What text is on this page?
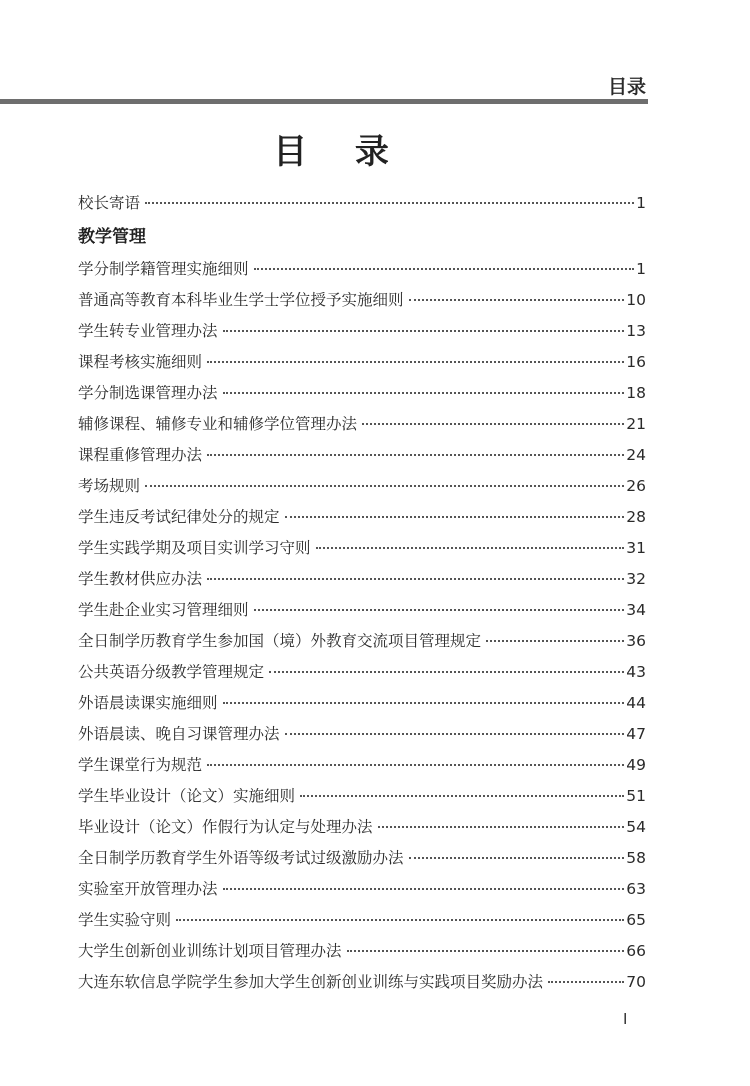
目录
目 录
校长寄语	1
教学管理
学分制学籍管理实施细则	1
普通高等教育本科毕业生学士学位授予实施细则	10
学生转专业管理办法	13
课程考核实施细则	16
学分制选课管理办法	18
辅修课程、辅修专业和辅修学位管理办法	21
课程重修管理办法	24
考场规则	26
学生违反考试纪律处分的规定	28
学生实践学期及项目实训学习守则	31
学生教材供应办法	32
学生赴企业实习管理细则	34
全日制学历教育学生参加国（境）外教育交流项目管理规定	36
公共英语分级教学管理规定	43
外语晨读课实施细则	44
外语晨读、晚自习课管理办法	47
学生课堂行为规范	49
学生毕业设计（论文）实施细则	51
毕业设计（论文）作假行为认定与处理办法	54
全日制学历教育学生外语等级考试过级激励办法	58
实验室开放管理办法	63
学生实验守则	65
大学生创新创业训练计划项目管理办法	66
大连东软信息学院学生参加大学生创新创业训练与实践项目奖励办法	70
I
